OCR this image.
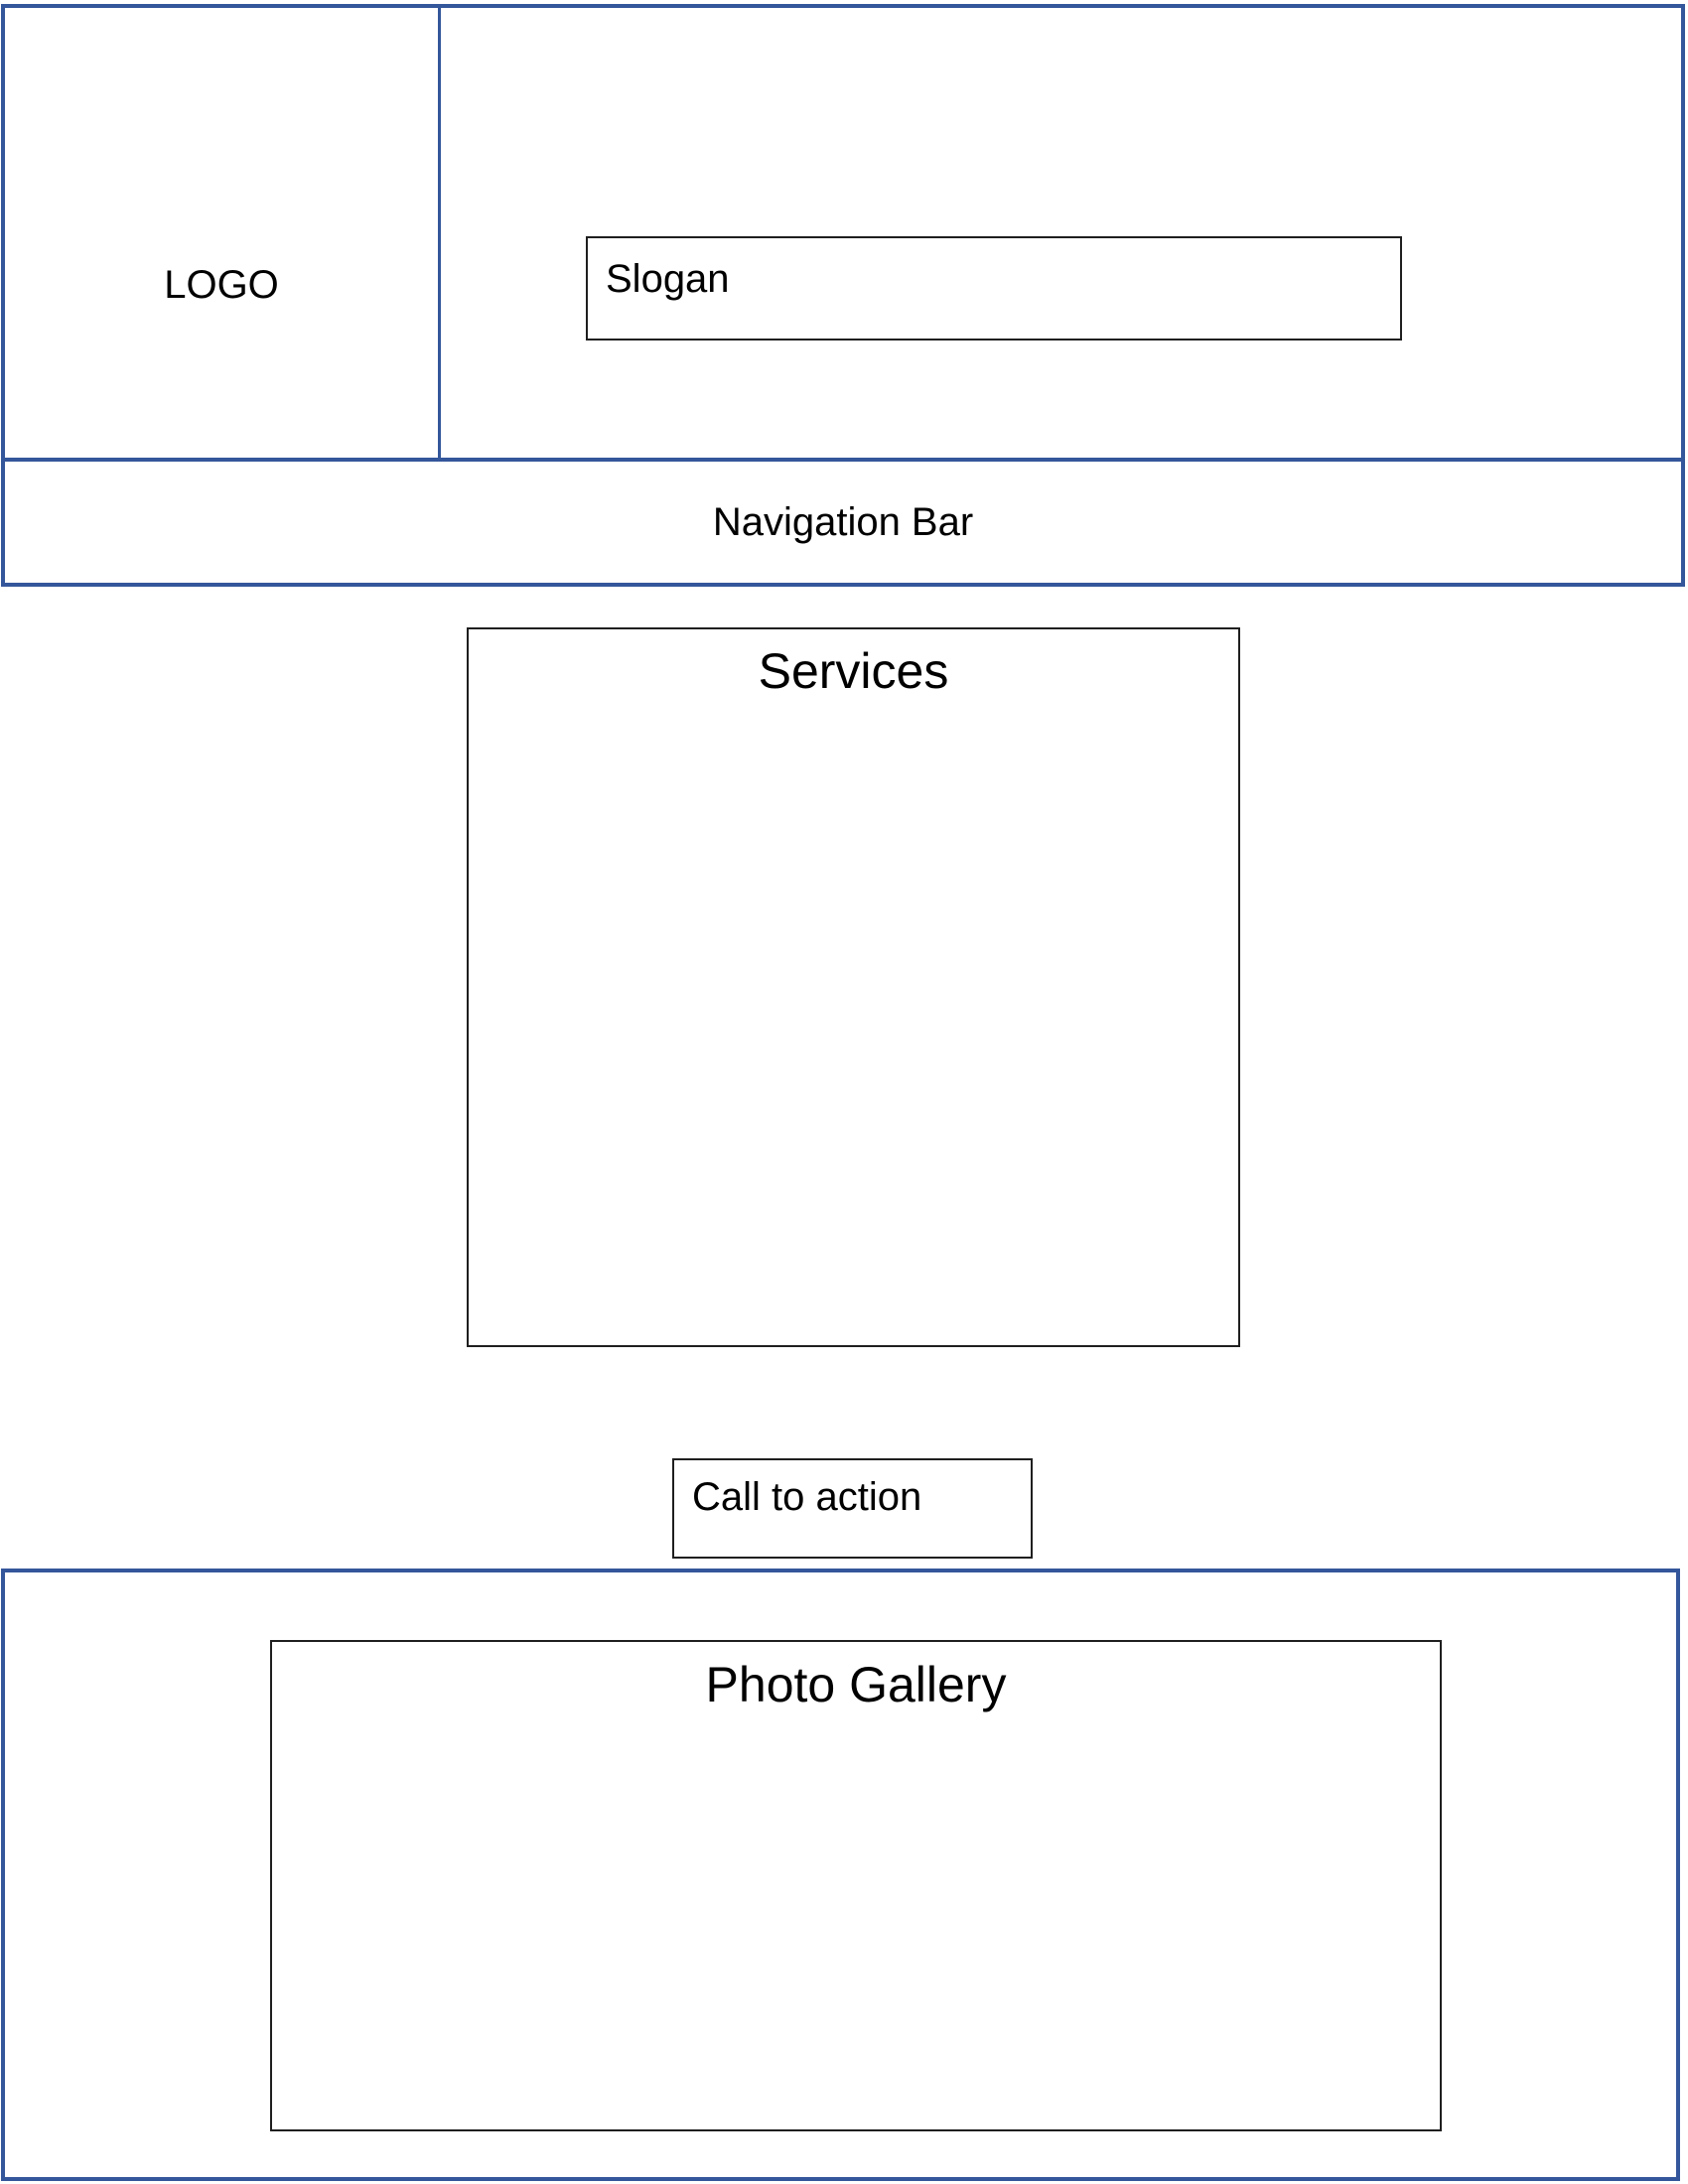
LOGO	Slogan
Navigation Bar
Services
Call to action
Photo Gallery
